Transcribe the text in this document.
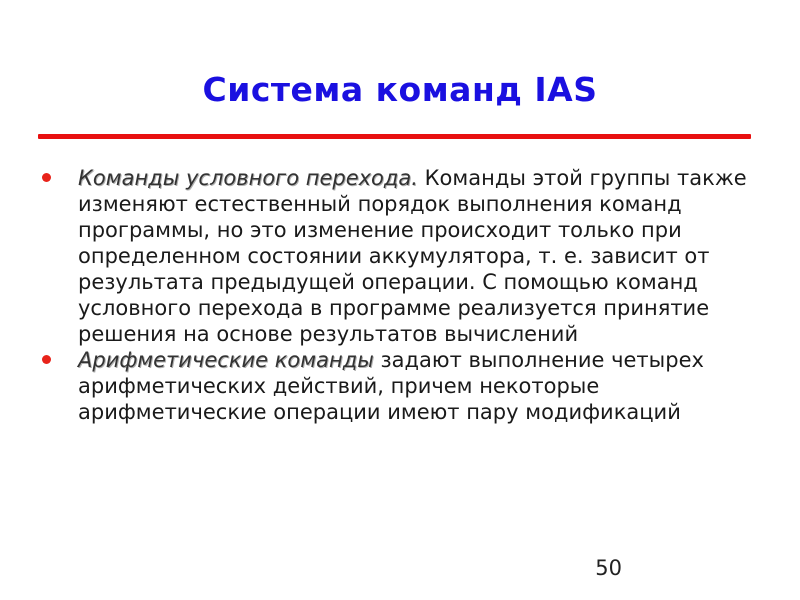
Система команд IAS
Команды условного перехода. Команды этой группы также изменяют естественный порядок выполнения команд программы, но это изменение происходит только при определенном состоянии аккумулятора, т. е. зависит от результата предыдущей операции. С помощью команд условного перехода в программе реализуется принятие решения на основе результатов вычислений
Арифметические команды задают выполнение четырех арифметических действий, причем некоторые арифметические операции имеют пару модификаций
50
